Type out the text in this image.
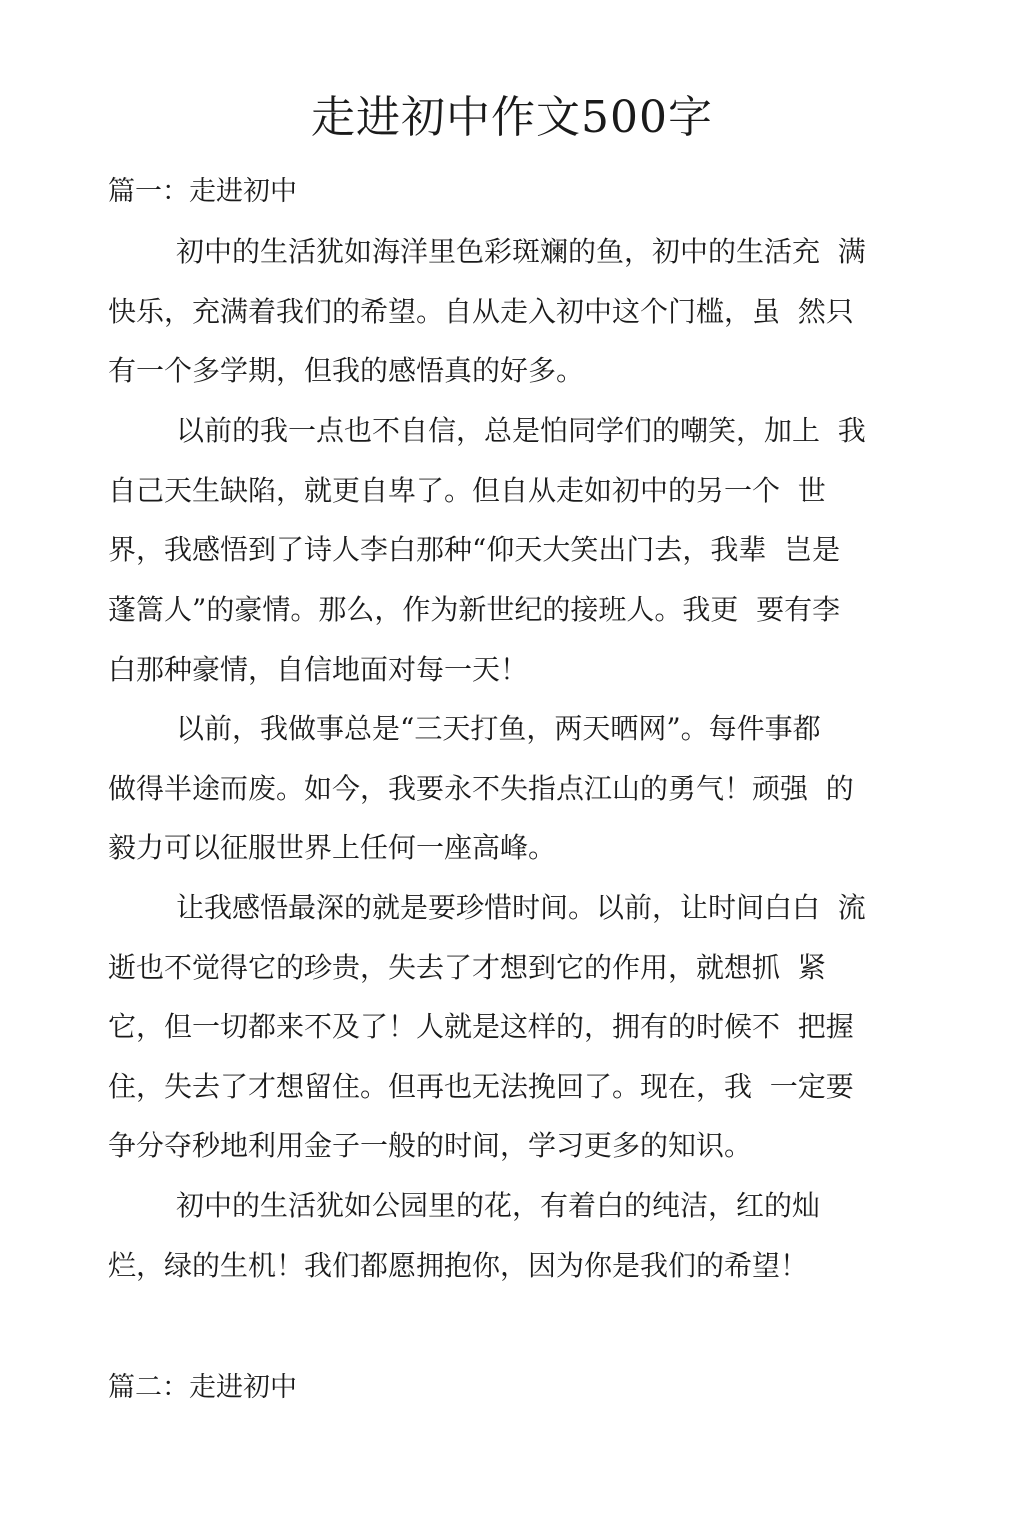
走进初中作文500字
篇一：走进初中
初中的生活犹如海洋里色彩斑斓的鱼，初中的生活充  满
快乐，充满着我们的希望。自从走入初中这个门槛，虽  然只
有一个多学期，但我的感悟真的好多。
以前的我一点也不自信，总是怕同学们的嘲笑，加上  我
自己天生缺陷，就更自卑了。但自从走如初中的另一个  世
界，我感悟到了诗人李白那种“仰天大笑出门去，我辈  岂是
蓬篙人”的豪情。那么，作为新世纪的接班人。我更  要有李
白那种豪情，自信地面对每一天！
以前，我做事总是“三天打鱼，两天晒网”。每件事都
做得半途而废。如今，我要永不失指点江山的勇气！顽强  的
毅力可以征服世界上任何一座高峰。
让我感悟最深的就是要珍惜时间。以前，让时间白白  流
逝也不觉得它的珍贵，失去了才想到它的作用，就想抓  紧
它，但一切都来不及了！人就是这样的，拥有的时候不  把握
住，失去了才想留住。但再也无法挽回了。现在，我  一定要
争分夺秒地利用金子一般的时间，学习更多的知识。
初中的生活犹如公园里的花，有着白的纯洁，红的灿
烂，绿的生机！我们都愿拥抱你，因为你是我们的希望！
篇二：走进初中
